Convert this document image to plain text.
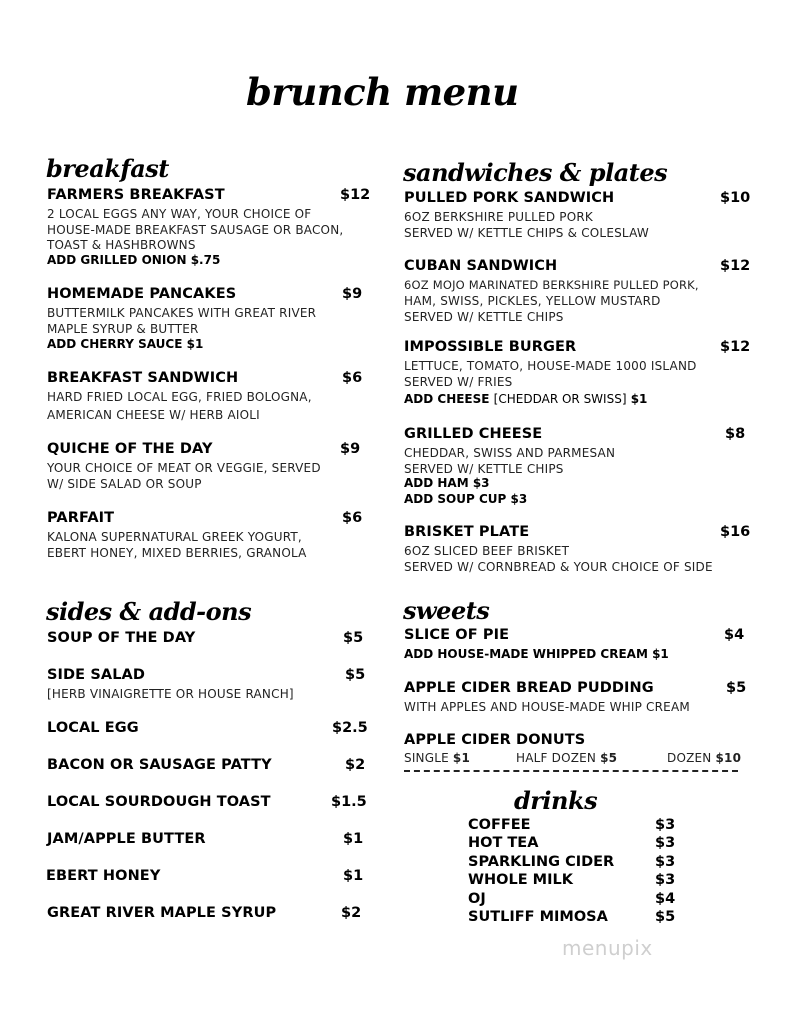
brunch menu
breakfast
FARMERS BREAKFAST	$12
2 LOCAL EGGS ANY WAY, YOUR CHOICE OF
HOUSE-MADE BREAKFAST SAUSAGE OR BACON,
TOAST & HASHBROWNS
ADD GRILLED ONION $.75
HOMEMADE PANCAKES	$9
BUTTERMILK PANCAKES WITH GREAT RIVER
MAPLE SYRUP & BUTTER
ADD CHERRY SAUCE $1
BREAKFAST SANDWICH	$6
HARD FRIED LOCAL EGG, FRIED BOLOGNA,
AMERICAN CHEESE W/ HERB AIOLI
QUICHE OF THE DAY	$9
YOUR CHOICE OF MEAT OR VEGGIE, SERVED
W/ SIDE SALAD OR SOUP
PARFAIT	$6
KALONA SUPERNATURAL GREEK YOGURT,
EBERT HONEY, MIXED BERRIES, GRANOLA
sides & add-ons
SOUP OF THE DAY	$5
SIDE SALAD	$5
[HERB VINAIGRETTE OR HOUSE RANCH]
LOCAL EGG	$2.5
BACON OR SAUSAGE PATTY	$2
LOCAL SOURDOUGH TOAST	$1.5
JAM/APPLE BUTTER	$1
EBERT HONEY	$1
GREAT RIVER MAPLE SYRUP	$2
sandwiches & plates
PULLED PORK SANDWICH	$10
6OZ BERKSHIRE PULLED PORK
SERVED W/ KETTLE CHIPS & COLESLAW
CUBAN SANDWICH	$12
6OZ MOJO MARINATED BERKSHIRE PULLED PORK,
HAM, SWISS, PICKLES, YELLOW MUSTARD
SERVED W/ KETTLE CHIPS
IMPOSSIBLE BURGER	$12
LETTUCE, TOMATO, HOUSE-MADE 1000 ISLAND
SERVED W/ FRIES
ADD CHEESE [CHEDDAR OR SWISS] $1
GRILLED CHEESE	$8
CHEDDAR, SWISS AND PARMESAN
SERVED W/ KETTLE CHIPS
ADD HAM $3
ADD SOUP CUP $3
BRISKET PLATE	$16
6OZ SLICED BEEF BRISKET
SERVED W/ CORNBREAD & YOUR CHOICE OF SIDE
sweets
SLICE OF PIE	$4
ADD HOUSE-MADE WHIPPED CREAM $1
APPLE CIDER BREAD PUDDING	$5
WITH APPLES AND HOUSE-MADE WHIP CREAM
APPLE CIDER DONUTS
SINGLE $1	HALF DOZEN $5	DOZEN $10
drinks
COFFEE	$3
HOT TEA	$3
SPARKLING CIDER	$3
WHOLE MILK	$3
OJ	$4
SUTLIFF MIMOSA	$5
menupix
